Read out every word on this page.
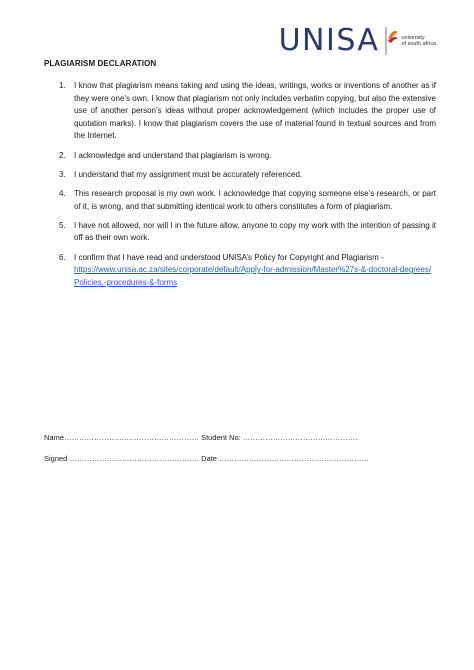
UNISA	university
of south africa
PLAGIARISM DECLARATION
1.	I know that plagiarism means taking and using the ideas, writings, works or inventions of another as if they were one’s own. I know that plagiarism not only includes verbatim copying, but also the extensive use of another person’s ideas without proper acknowledgement (which includes the proper use of quotation marks). I know that plagiarism covers the use of material found in textual sources and from the Internet.
2.	I acknowledge and understand that plagiarism is wrong.
3.	I understand that my assignment must be accurately referenced.
4.	This research proposal is my own work. I acknowledge that copying someone else’s research, or part of it, is wrong, and that submitting identical work to others constitutes a form of plagiarism.
5.	I have not allowed, nor will I in the future allow, anyone to copy my work with the intention of passing it off as their own work.
6.	I confirm that I have read and understood UNISA’s Policy for Copyright and Plagiarism -
https://www.unisa.ac.za/sites/corporate/default/Apply-for-admission/Master%27s-&-doctoral-degrees/Policies,-procedures-&-forms
Name……………………………………………… Student No: ……………………………………….
Signed ……………………………………………. Date ……………………………………………………
